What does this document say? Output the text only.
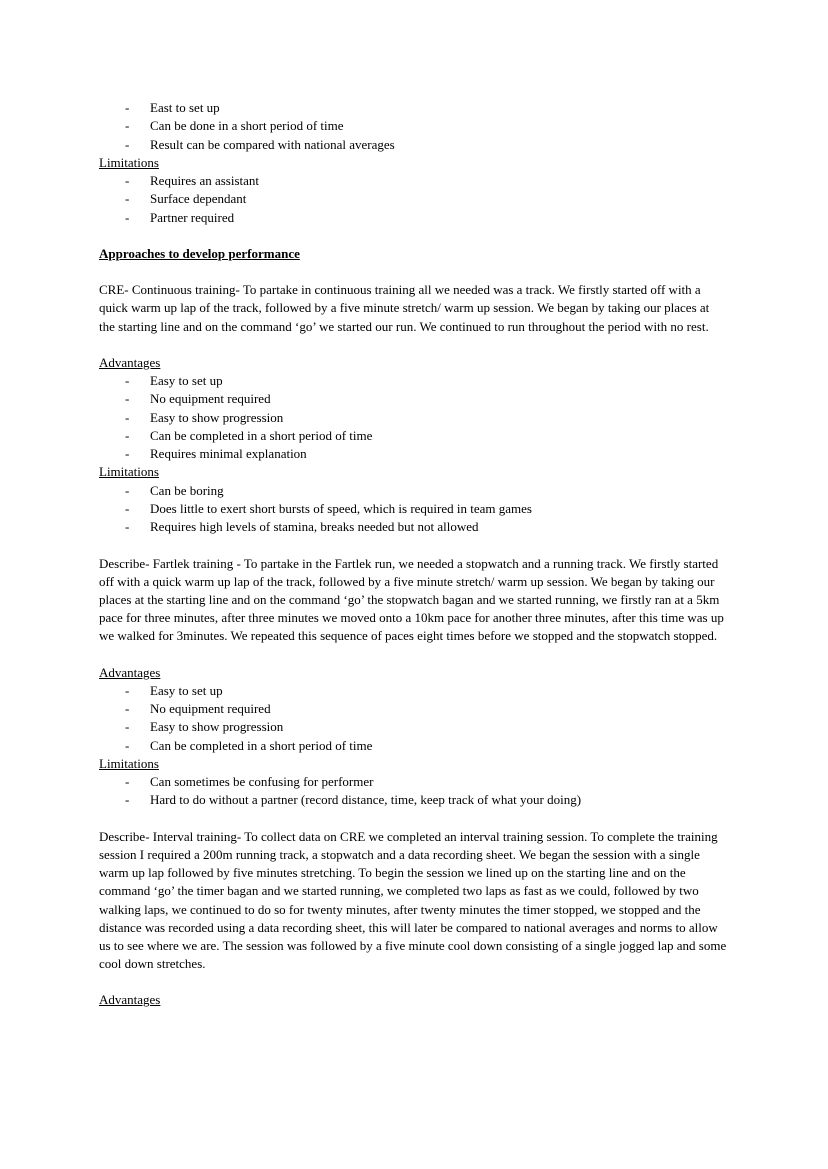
- East to set up
- Can be done in a short period of time
- Result can be compared with national averages

Limitations

- Requires an assistant
- Surface dependant
- Partner required

Approaches to develop performance

CRE- Continuous training- To partake in continuous training all we needed was a track. We firstly started off with a quick warm up lap of the track, followed by a five minute stretch/ warm up session. We began by taking our places at the starting line and on the command ‘go’ we started our run. We continued to run throughout the period with no rest.

Advantages

- Easy to set up
- No equipment required
- Easy to show progression
- Can be completed in a short period of time
- Requires minimal explanation

Limitations

- Can be boring
- Does little to exert short bursts of speed, which is required in team games
- Requires high levels of stamina, breaks needed but not allowed

Describe- Fartlek training - To partake in the Fartlek run, we needed a stopwatch and a running track. We firstly started off with a quick warm up lap of the track, followed by a five minute stretch/ warm up session. We began by taking our places at the starting line and on the command ‘go’ the stopwatch bagan and we started running, we firstly ran at a 5km pace for three minutes, after three minutes we moved onto a 10km pace for another three minutes, after this time was up we walked for 3minutes. We repeated this sequence of paces eight times before we stopped and the stopwatch stopped.

Advantages

- Easy to set up
- No equipment required
- Easy to show progression
- Can be completed in a short period of time

Limitations

- Can sometimes be confusing for performer
- Hard to do without a partner (record distance, time, keep track of what your doing)

Describe- Interval training- To collect data on CRE we completed an interval training session. To complete the training session I required a 200m running track, a stopwatch and a data recording sheet. We began the session with a single warm up lap followed by five minutes stretching. To begin the session we lined up on the starting line and on the command ‘go’ the timer bagan and we started running, we completed two laps as fast as we could, followed by two walking laps, we continued to do so for twenty minutes, after twenty minutes the timer stopped, we stopped and the distance was recorded using a data recording sheet, this will later be compared to national averages and norms to allow us to see where we are. The session was followed by a five minute cool down consisting of a single jogged lap and some cool down stretches.

Advantages
